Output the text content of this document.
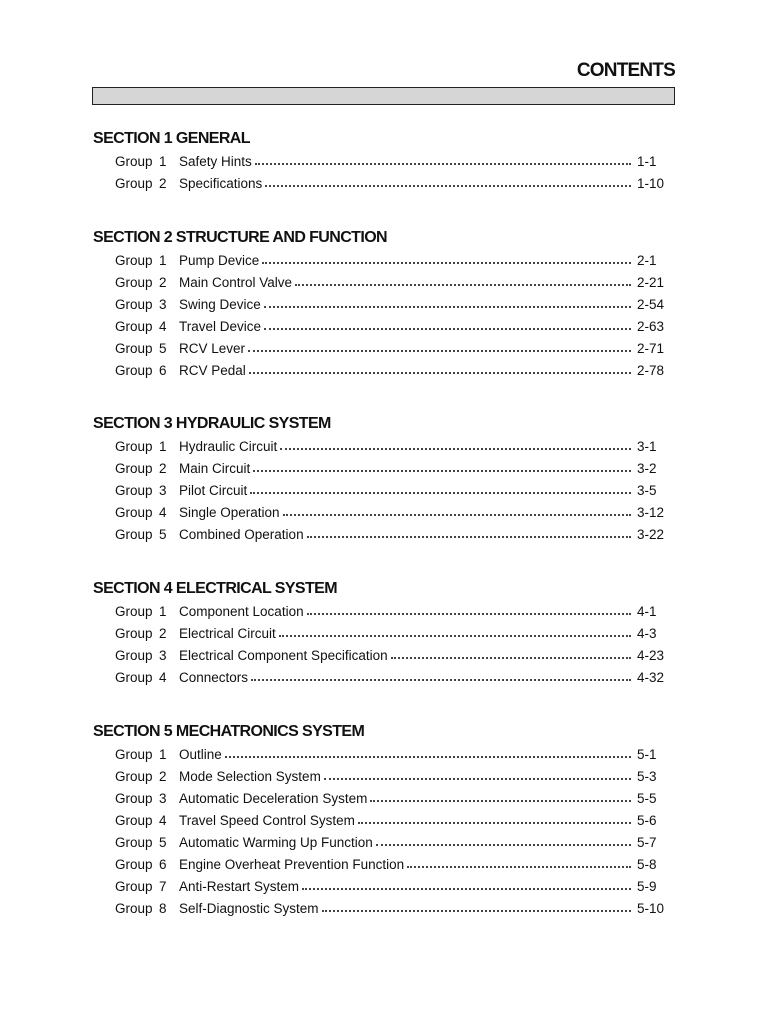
CONTENTS
SECTION 1 GENERAL
Group 1 Safety Hints	1-1
Group 2 Specifications	1-10
SECTION 2 STRUCTURE AND FUNCTION
Group 1 Pump Device	2-1
Group 2 Main Control Valve	2-21
Group 3 Swing Device	2-54
Group 4 Travel Device	2-63
Group 5 RCV Lever	2-71
Group 6 RCV Pedal	2-78
SECTION 3 HYDRAULIC SYSTEM
Group 1 Hydraulic Circuit	3-1
Group 2 Main Circuit	3-2
Group 3 Pilot Circuit	3-5
Group 4 Single Operation	3-12
Group 5 Combined Operation	3-22
SECTION 4 ELECTRICAL SYSTEM
Group 1 Component Location	4-1
Group 2 Electrical Circuit	4-3
Group 3 Electrical Component Specification	4-23
Group 4 Connectors	4-32
SECTION 5 MECHATRONICS SYSTEM
Group 1 Outline	5-1
Group 2 Mode Selection System	5-3
Group 3 Automatic Deceleration System	5-5
Group 4 Travel Speed Control System	5-6
Group 5 Automatic Warming Up Function	5-7
Group 6 Engine Overheat Prevention Function	5-8
Group 7 Anti-Restart System	5-9
Group 8 Self-Diagnostic System	5-10
